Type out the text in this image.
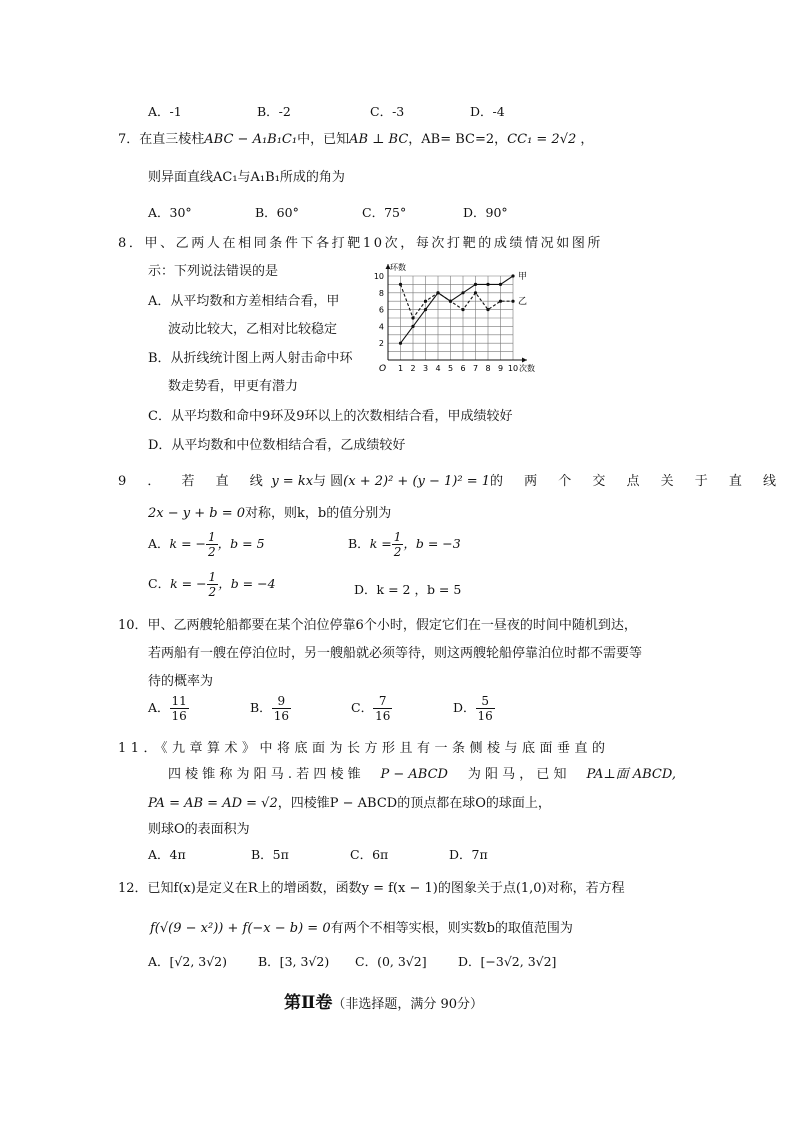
A．-1	B．-2	C．-3	D．-4
7．在直三棱柱ABC − A₁B₁C₁中，已知AB ⊥ BC，AB= BC=2，CC₁ = 2√2 ，
则异面直线AC₁与A₁B₁所成的角为
A．30°	B．60°	C．75°	D．90°
8．甲、乙两人在相同条件下各打靶10次，每次打靶的成绩情况如图所
示：下列说法错误的是
A．从平均数和方差相结合看，甲
波动比较大，乙相对比较稳定
B．从折线统计图上两人射击命中环
数走势看，甲更有潜力
C．从平均数和命中9环及9环以上的次数相结合看，甲成绩较好
D．从平均数和中位数相结合看，乙成绩较好
1 2 3 4 5 6 7 8 9 10
2
4
6
8
10
O
环数
次数
甲
乙
9 ． 若 直 线 y = kx 与 圆 (x + 2)² + (y − 1)² = 1 的 两 个 交 点 关 于 直 线
2x − y + b = 0对称，则k，b的值分别为
A．k = − $\frac{1}{2}$ ，b = 5	B．$k = \frac{1}{2}$ ，b = −3
C．k = − $\frac{1}{2}$ ，b = −4	D．k = 2 ，b = 5
10．甲、乙两艘轮船都要在某个泊位停靠6个小时，假定它们在一昼夜的时间中随机到达，
若两船有一艘在停泊位时，另一艘船就必须等待，则这两艘轮船停靠泊位时都不需要等
待的概率为
A． $\frac{11}{16}$	B． $\frac{9}{16}$	C． $\frac{7}{16}$	D． $\frac{5}{16}$
11．《九章算术》中将底面为长方形且有一条侧棱与底面垂直的
四 棱 锥 称 为 阳 马 . 若 四 棱 锥 P − ABCD 为 阳 马 ， 已 知 PA⊥面 ABCD,
PA = AB = AD = √2，四棱锥P − ABCD的顶点都在球O的球面上，
则球O的表面积为
A．4π	B．5π	C．6π	D．7π
12．已知f(x)是定义在R上的增函数，函数y = f(x − 1)的图象关于点(1,0)对称，若方程
f(√(9 − x²)) + f(−x − b) = 0有两个不相等实根，则实数b的取值范围为
A．[√2, 3√2) B．[3, 3√2) C．(0, 3√2]	D．[−3√2, 3√2]
第Ⅱ卷（非选择题，满分 90分）
